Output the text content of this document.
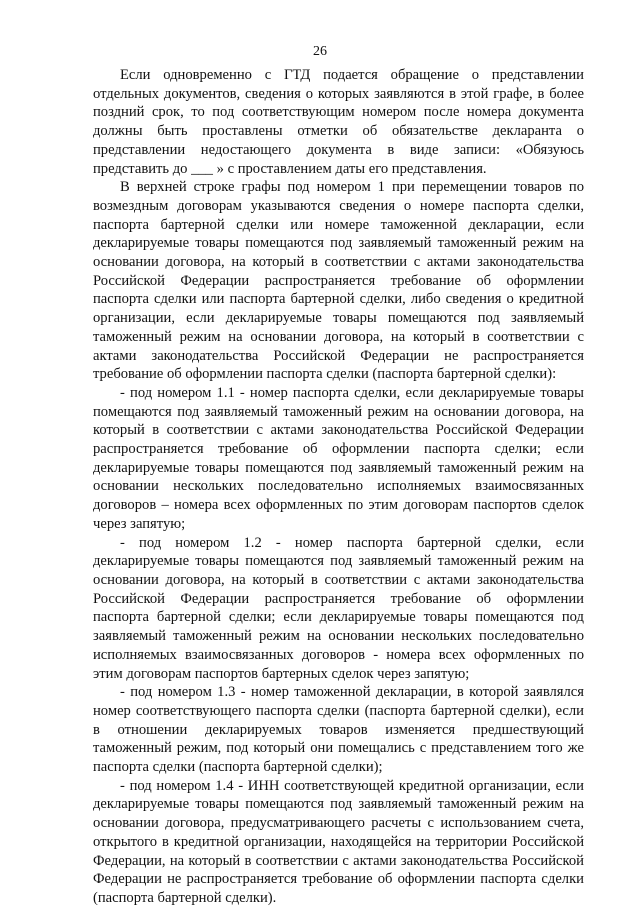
26

Если одновременно с ГТД подается обращение о представлении отдельных документов, сведения о которых заявляются в этой графе, в более поздний срок, то под соответствующим номером после номера документа должны быть проставлены отметки об обязательстве декларанта о представлении недостающего документа в виде записи: «Обязуюсь представить до ___ » с проставлением даты его представления.

В верхней строке графы под номером 1 при перемещении товаров по возмездным договорам указываются сведения о номере паспорта сделки, паспорта бартерной сделки или номере таможенной декларации, если декларируемые товары помещаются под заявляемый таможенный режим на основании договора, на который в соответствии с актами законодательства Российской Федерации распространяется требование об оформлении паспорта сделки или паспорта бартерной сделки, либо сведения о кредитной организации, если декларируемые товары помещаются под заявляемый таможенный режим на основании договора, на который в соответствии с актами законодательства Российской Федерации не распространяется требование об оформлении паспорта сделки (паспорта бартерной сделки):

- под номером 1.1 - номер паспорта сделки, если декларируемые товары помещаются под заявляемый таможенный режим на основании договора, на который в соответствии с актами законодательства Российской Федерации распространяется требование об оформлении паспорта сделки; если декларируемые товары помещаются под заявляемый таможенный режим на основании нескольких последовательно исполняемых взаимосвязанных договоров – номера всех оформленных по этим договорам паспортов сделок через запятую;

- под номером 1.2 - номер паспорта бартерной сделки, если декларируемые товары помещаются под заявляемый таможенный режим на основании договора, на который в соответствии с актами законодательства Российской Федерации распространяется требование об оформлении паспорта бартерной сделки; если декларируемые товары помещаются под заявляемый таможенный режим на основании нескольких последовательно исполняемых взаимосвязанных договоров - номера всех оформленных по этим договорам паспортов бартерных сделок через запятую;

- под номером 1.3 - номер таможенной декларации, в которой заявлялся номер соответствующего паспорта сделки (паспорта бартерной сделки), если в отношении декларируемых товаров изменяется предшествующий таможенный режим, под который они помещались с представлением того же паспорта сделки (паспорта бартерной сделки);

- под номером 1.4 - ИНН соответствующей кредитной организации, если декларируемые товары помещаются под заявляемый таможенный режим на основании договора, предусматривающего расчеты с использованием счета, открытого в кредитной организации, находящейся на территории Российской Федерации, на который в соответствии с актами законодательства Российской Федерации не распространяется требование об оформлении паспорта сделки (паспорта бартерной сделки).
